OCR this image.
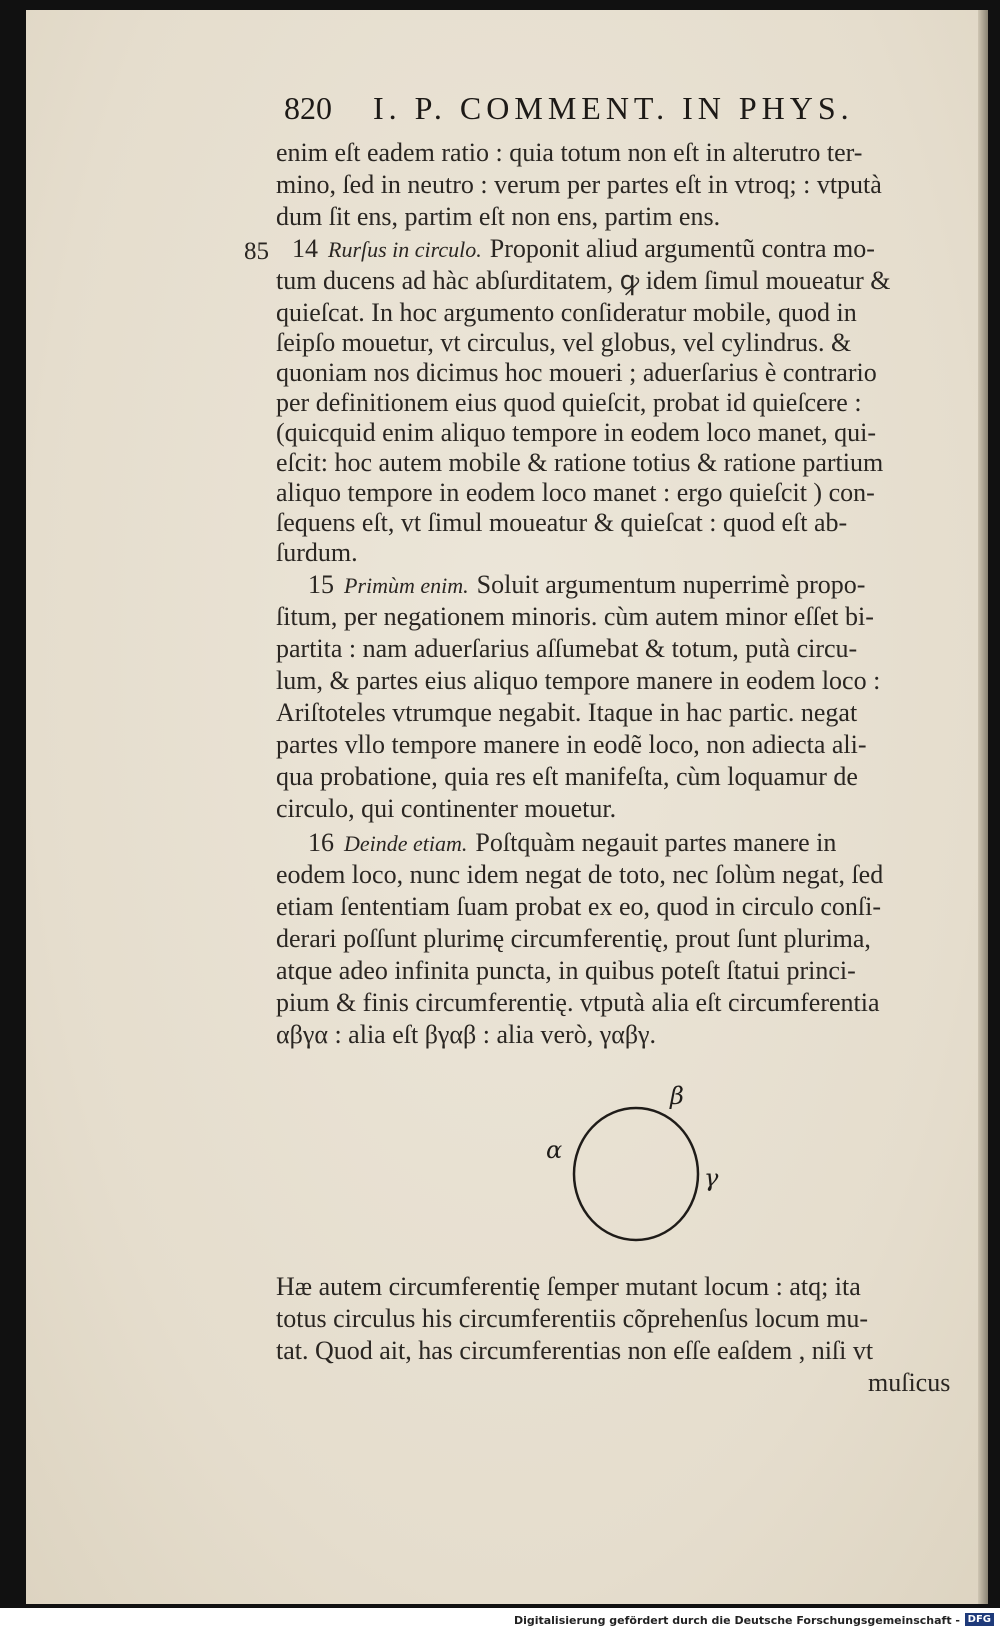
820 I. P. COMMENT. IN PHYS.
enim eſt eadem ratio : quia totum non eſt in alterutro ter-
mino, ſed in neutro : verum per partes eſt in vtroq; : vtputà
dum ſit ens, partim eſt non ens, partim ens.
85 14 Rurſus in circulo. Proponit aliud argumentũ contra mo-
tum ducens ad hàc abſurditatem, ꝙ idem ſimul moueatur &
quieſcat. In hoc argumento conſideratur mobile, quod in
ſeipſo mouetur, vt circulus, vel globus, vel cylindrus. &
quoniam nos dicimus hoc moueri ; aduerſarius è contrario
per definitionem eius quod quieſcit, probat id quieſcere :
(quicquid enim aliquo tempore in eodem loco manet, qui-
eſcit: hoc autem mobile & ratione totius & ratione partium
aliquo tempore in eodem loco manet : ergo quieſcit ) con-
ſequens eſt, vt ſimul moueatur & quieſcat : quod eſt ab-
ſurdum.
15 Primùm enim. Soluit argumentum nuperrimè propo-
ſitum, per negationem minoris. cùm autem minor eſſet bi-
partita : nam aduerſarius aſſumebat & totum, putà circu-
lum, & partes eius aliquo tempore manere in eodem loco :
Ariſtoteles vtrumque negabit. Itaque in hac partic. negat
partes vllo tempore manere in eodẽ loco, non adiecta ali-
qua probatione, quia res eſt manifeſta, cùm loquamur de
circulo, qui continenter mouetur.
16 Deinde etiam. Poſtquàm negauit partes manere in
eodem loco, nunc idem negat de toto, nec ſolùm negat, ſed
etiam ſententiam ſuam probat ex eo, quod in circulo conſi-
derari poſſunt plurimę circumferentię, prout ſunt plurima,
atque adeo infinita puncta, in quibus poteſt ſtatui princi-
pium & finis circumferentię. vtputà alia eſt circumferentia
αβγα : alia eſt βγαβ : alia verò, γαβγ.
α
β
γ
Hæ autem circumferentię ſemper mutant locum : atq; ita
totus circulus his circumferentiis cõprehenſus locum mu-
tat. Quod ait, has circumferentias non eſſe eaſdem , niſi vt
muſicus
Digitalisierung gefördert durch die Deutsche Forschungsgemeinschaft - DFG
